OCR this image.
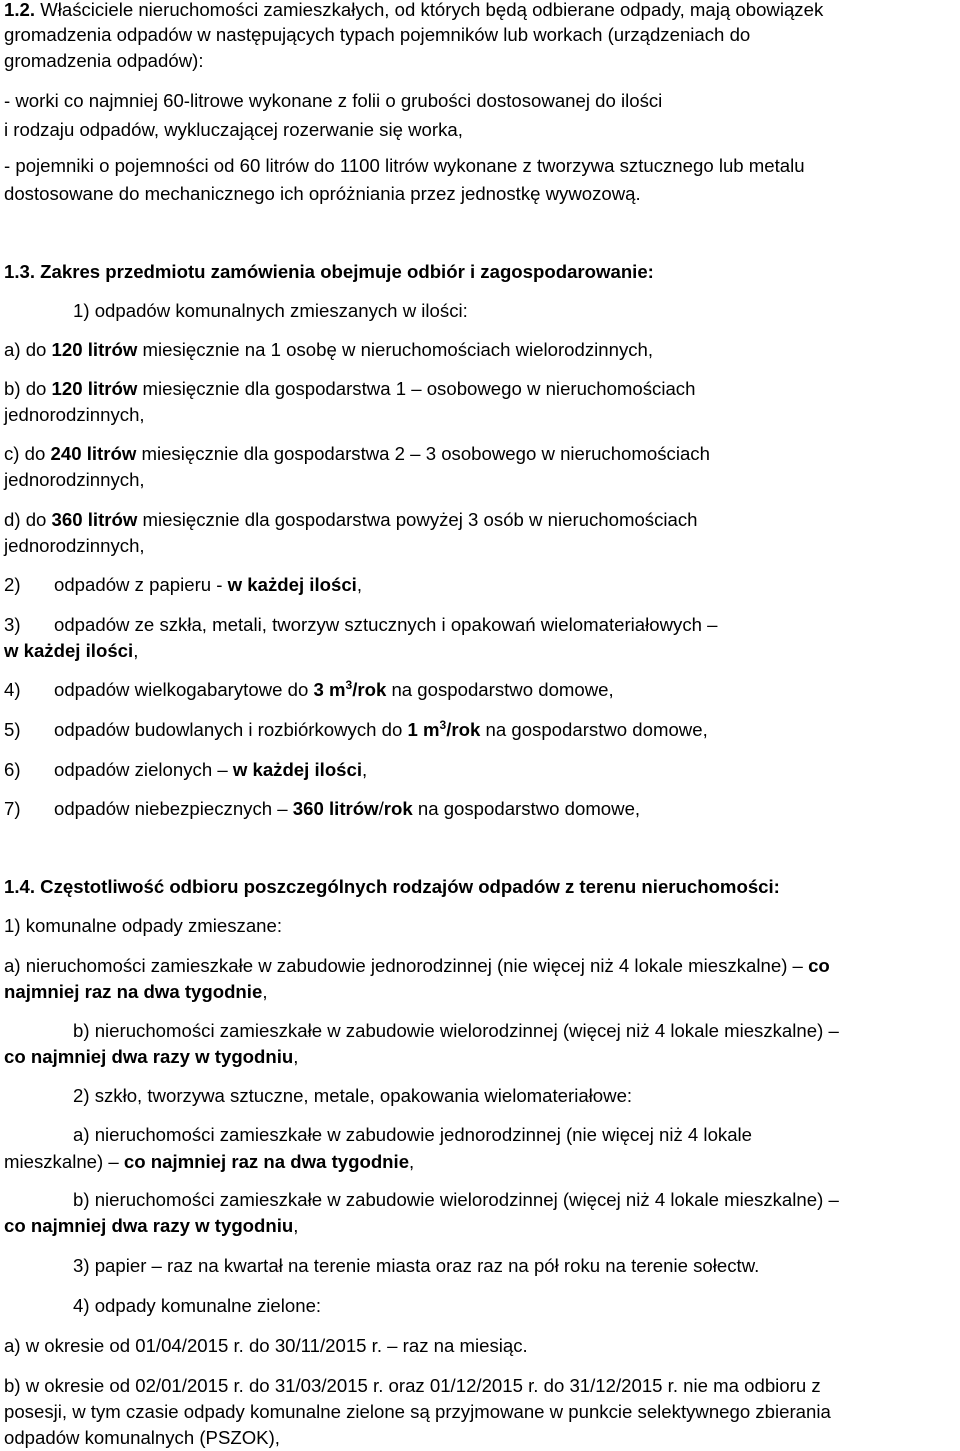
1.2. Właściciele nieruchomości zamieszkałych, od których będą odbierane odpady, mają obowiązek
gromadzenia odpadów w następujących typach pojemników lub workach (urządzeniach do
gromadzenia odpadów):
- worki co najmniej 60-litrowe wykonane z folii o grubości dostosowanej do ilości
i rodzaju odpadów, wykluczającej rozerwanie się worka,
- pojemniki o pojemności od 60 litrów do 1100 litrów wykonane z tworzywa sztucznego lub metalu
dostosowane do mechanicznego ich opróżniania przez jednostkę wywozową.
1.3. Zakres przedmiotu zamówienia obejmuje odbiór i zagospodarowanie:
1) odpadów komunalnych zmieszanych w ilości:
a) do 120 litrów miesięcznie na 1 osobę w nieruchomościach wielorodzinnych,
b) do 120 litrów miesięcznie dla gospodarstwa 1 – osobowego w nieruchomościach
jednorodzinnych,
c) do 240 litrów miesięcznie dla gospodarstwa 2 – 3 osobowego w nieruchomościach
jednorodzinnych,
d) do 360 litrów miesięcznie dla gospodarstwa powyżej 3 osób w nieruchomościach
jednorodzinnych,
2) odpadów z papieru - w każdej ilości,
3) odpadów ze szkła, metali, tworzyw sztucznych i opakowań wielomateriałowych –
w każdej ilości,
4) odpadów wielkogabarytowe do 3 $m^3$/rok na gospodarstwo domowe,
5) odpadów budowlanych i rozbiórkowych do 1 $m^3$/rok na gospodarstwo domowe,
6) odpadów zielonych – w każdej ilości,
7) odpadów niebezpiecznych – 360 litrów/rok na gospodarstwo domowe,
1.4. Częstotliwość odbioru poszczególnych rodzajów odpadów z terenu nieruchomości:
1) komunalne odpady zmieszane:
a) nieruchomości zamieszkałe w zabudowie jednorodzinnej (nie więcej niż 4 lokale mieszkalne) – co
najmniej raz na dwa tygodnie,
b) nieruchomości zamieszkałe w zabudowie wielorodzinnej (więcej niż 4 lokale mieszkalne) –
co najmniej dwa razy w tygodniu,
2) szkło, tworzywa sztuczne, metale, opakowania wielomateriałowe:
a) nieruchomości zamieszkałe w zabudowie jednorodzinnej (nie więcej niż 4 lokale
mieszkalne) – co najmniej raz na dwa tygodnie,
b) nieruchomości zamieszkałe w zabudowie wielorodzinnej (więcej niż 4 lokale mieszkalne) –
co najmniej dwa razy w tygodniu,
3) papier – raz na kwartał na terenie miasta oraz raz na pół roku na terenie sołectw.
4) odpady komunalne zielone:
a) w okresie od 01/04/2015 r. do 30/11/2015 r. – raz na miesiąc.
b) w okresie od 02/01/2015 r. do 31/03/2015 r. oraz 01/12/2015 r. do 31/12/2015 r. nie ma odbioru z
posesji, w tym czasie odpady komunalne zielone są przyjmowane w punkcie selektywnego zbierania
odpadów komunalnych (PSZOK),
